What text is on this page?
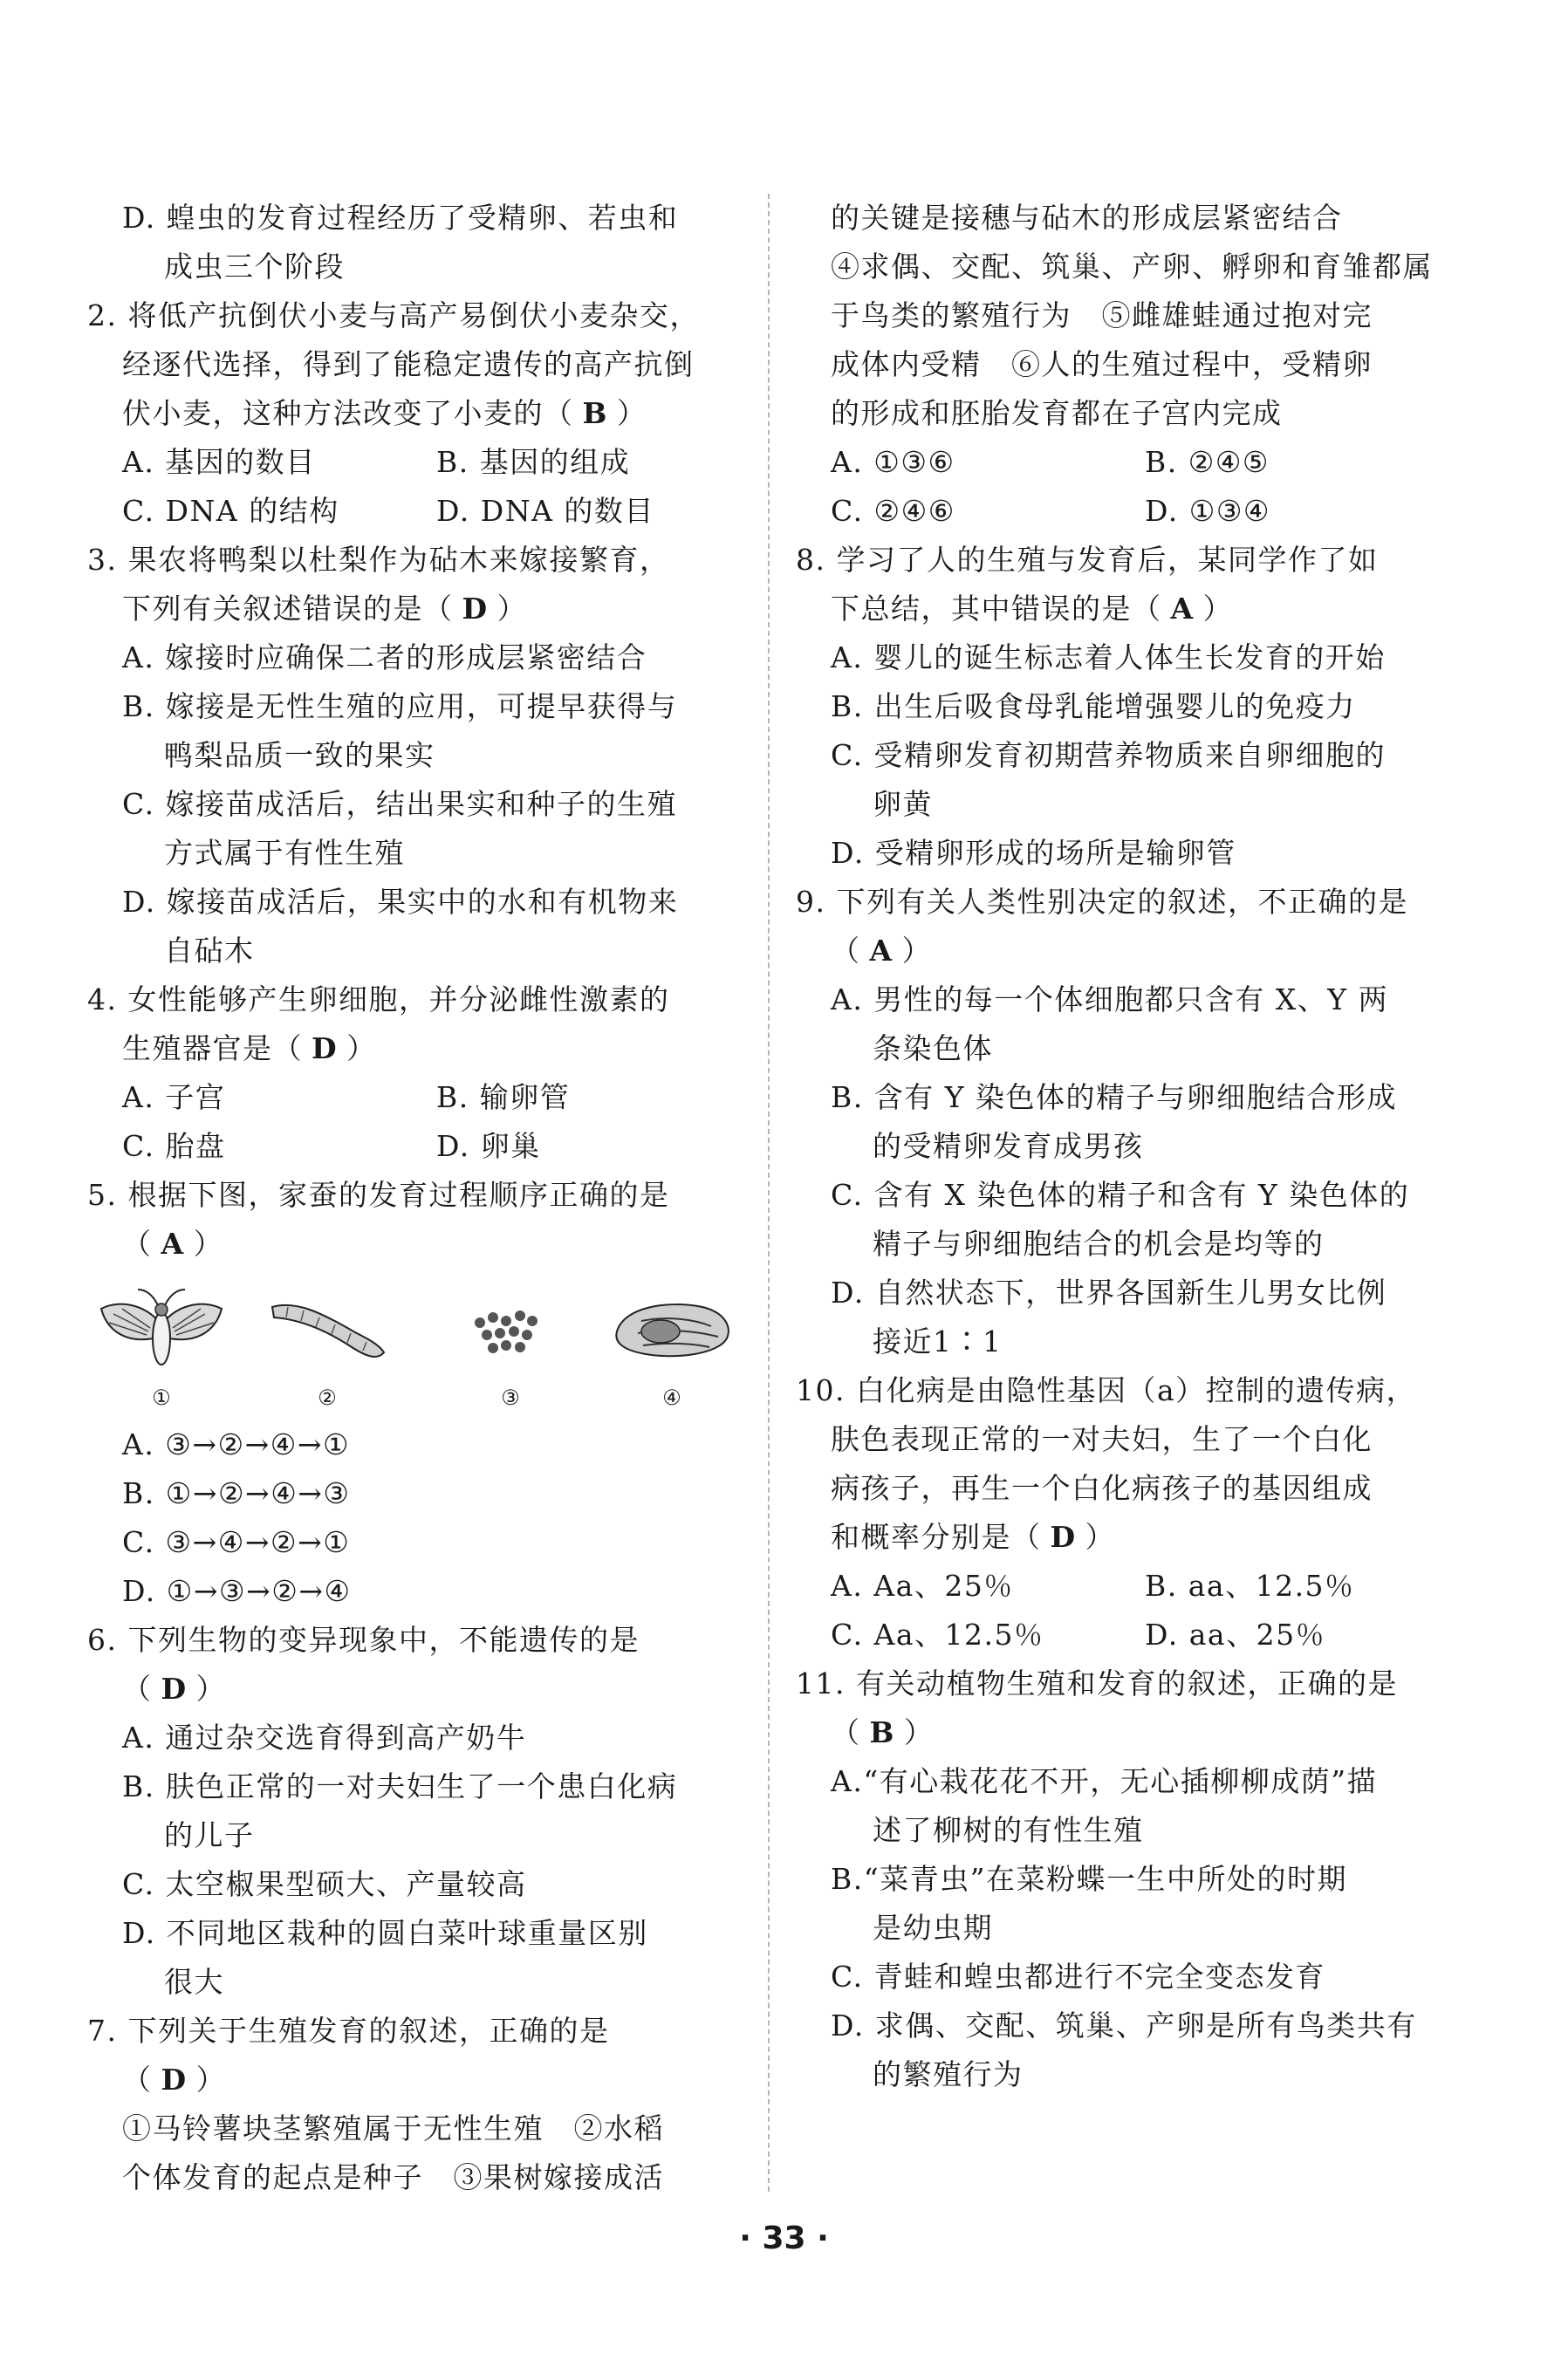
D. 蝗虫的发育过程经历了受精卵、若虫和
成虫三个阶段
2. 将低产抗倒伏小麦与高产易倒伏小麦杂交，
经逐代选择，得到了能稳定遗传的高产抗倒
伏小麦，这种方法改变了小麦的（ B ）
A. 基因的数目	B. 基因的组成
C. DNA 的结构	D. DNA 的数目
3. 果农将鸭梨以杜梨作为砧木来嫁接繁育，
下列有关叙述错误的是（ D ）
A. 嫁接时应确保二者的形成层紧密结合
B. 嫁接是无性生殖的应用，可提早获得与
鸭梨品质一致的果实
C. 嫁接苗成活后，结出果实和种子的生殖
方式属于有性生殖
D. 嫁接苗成活后，果实中的水和有机物来
自砧木
4. 女性能够产生卵细胞，并分泌雌性激素的
生殖器官是（ D ）
A. 子宫	B. 输卵管
C. 胎盘	D. 卵巢
5. 根据下图，家蚕的发育过程顺序正确的是
（ A ）
①	②	③	④
A. ③→②→④→①
B. ①→②→④→③
C. ③→④→②→①
D. ①→③→②→④
6. 下列生物的变异现象中，不能遗传的是
（ D ）
A. 通过杂交选育得到高产奶牛
B. 肤色正常的一对夫妇生了一个患白化病
的儿子
C. 太空椒果型硕大、产量较高
D. 不同地区栽种的圆白菜叶球重量区别
很大
7. 下列关于生殖发育的叙述，正确的是
（ D ）
①马铃薯块茎繁殖属于无性生殖　②水稻
个体发育的起点是种子　③果树嫁接成活
的关键是接穗与砧木的形成层紧密结合
④求偶、交配、筑巢、产卵、孵卵和育雏都属
于鸟类的繁殖行为　⑤雌雄蛙通过抱对完
成体内受精　⑥人的生殖过程中，受精卵
的形成和胚胎发育都在子宫内完成
A. ①③⑥	B. ②④⑤
C. ②④⑥	D. ①③④
8. 学习了人的生殖与发育后，某同学作了如
下总结，其中错误的是（ A ）
A. 婴儿的诞生标志着人体生长发育的开始
B. 出生后吸食母乳能增强婴儿的免疫力
C. 受精卵发育初期营养物质来自卵细胞的
卵黄
D. 受精卵形成的场所是输卵管
9. 下列有关人类性别决定的叙述，不正确的是
（ A ）
A. 男性的每一个体细胞都只含有 X、Y 两
条染色体
B. 含有 Y 染色体的精子与卵细胞结合形成
的受精卵发育成男孩
C. 含有 X 染色体的精子和含有 Y 染色体的
精子与卵细胞结合的机会是均等的
D. 自然状态下，世界各国新生儿男女比例
接近1∶1
10. 白化病是由隐性基因（a）控制的遗传病，
肤色表现正常的一对夫妇，生了一个白化
病孩子，再生一个白化病孩子的基因组成
和概率分别是（ D ）
A. Aa、25％	B. aa、12.5％
C. Aa、12.5％	D. aa、25％
11. 有关动植物生殖和发育的叙述，正确的是
（ B ）
A.“有心栽花花不开，无心插柳柳成荫”描
述了柳树的有性生殖
B.“菜青虫”在菜粉蝶一生中所处的时期
是幼虫期
C. 青蛙和蝗虫都进行不完全变态发育
D. 求偶、交配、筑巢、产卵是所有鸟类共有
的繁殖行为
· 33 ·
